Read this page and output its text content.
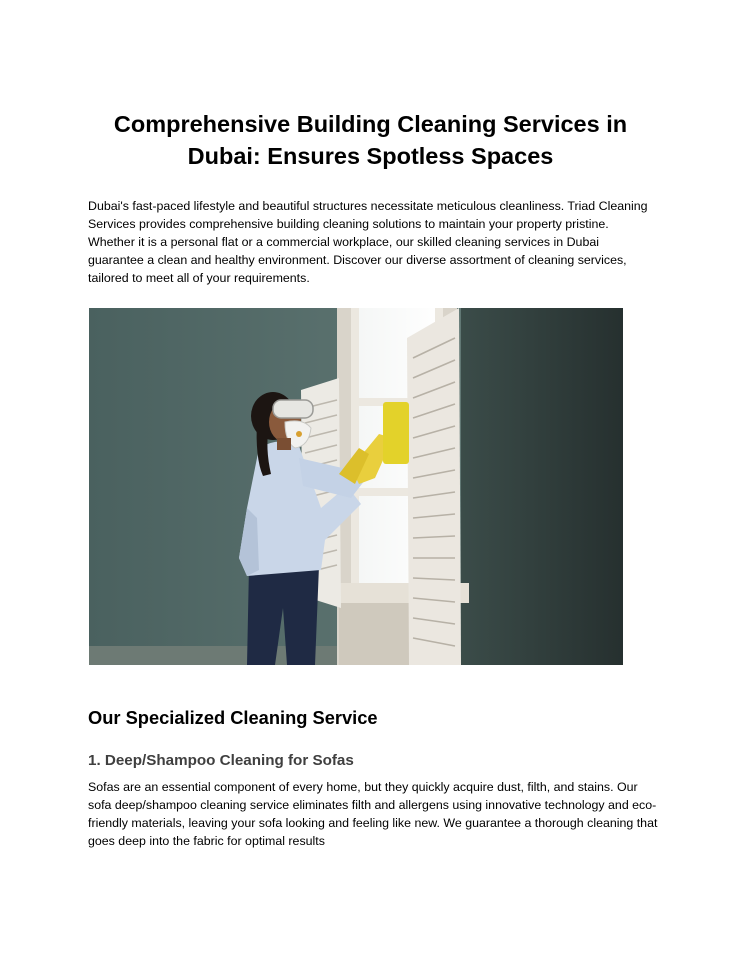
Comprehensive Building Cleaning Services in Dubai: Ensures Spotless Spaces

Dubai's fast-paced lifestyle and beautiful structures necessitate meticulous cleanliness. Triad Cleaning Services provides comprehensive building cleaning solutions to maintain your property pristine. Whether it is a personal flat or a commercial workplace, our skilled cleaning services in Dubai guarantee a clean and healthy environment. Discover our diverse assortment of cleaning services, tailored to meet all of your requirements.

Our Specialized Cleaning Service
1. Deep/Shampoo Cleaning for Sofas

Sofas are an essential component of every home, but they quickly acquire dust, filth, and stains. Our sofa deep/shampoo cleaning service eliminates filth and allergens using innovative technology and eco-friendly materials, leaving your sofa looking and feeling like new. We guarantee a thorough cleaning that goes deep into the fabric for optimal results
